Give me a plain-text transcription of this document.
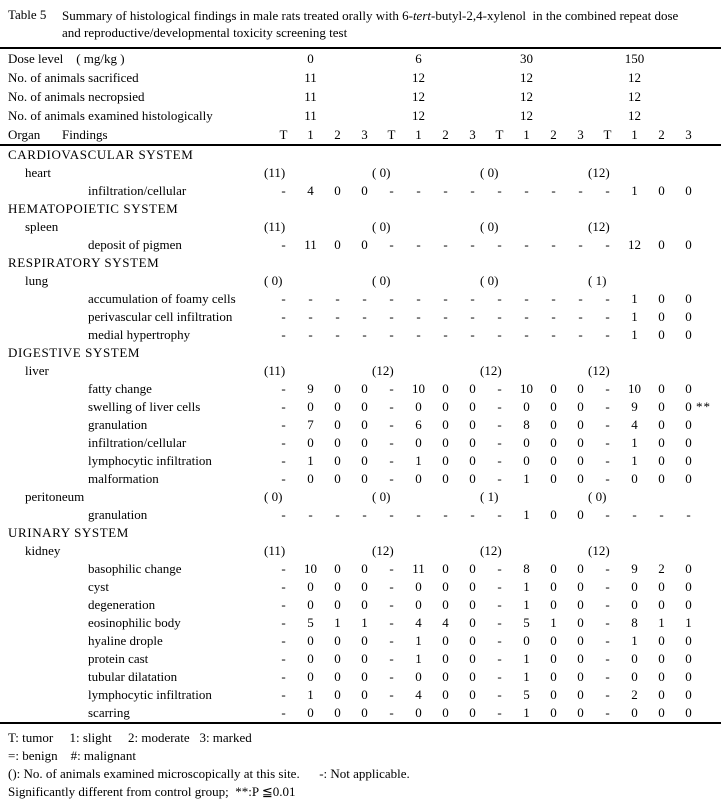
Table 5	Summary of histological findings in male rats treated orally with 6-tert-butyl-2,4-xylenol  in the combined repeat dose
and reproductive/developmental toxicity screening test
Dose level    ( mg/kg )	0	6	30	150
No. of animals sacrificed	11	12	12	12
No. of animals necropsied	11	12	12	12
No. of animals examined histologically	11	12	12	12
Organ Findings	T	1	2	3	T	1	2	3	T	1	2	3	T	1	2	3
CARDIOVASCULAR SYSTEM
heart	(11)	( 0)	( 0)	(12)
infiltration/cellular	-	4	0	0	-	-	-	-	-	-	-	-	-	1	0	0
HEMATOPOIETIC SYSTEM
spleen	(11)	( 0)	( 0)	(12)
deposit of pigmen	-	11	0	0	-	-	-	-	-	-	-	-	-	12	0	0
RESPIRATORY SYSTEM
lung	( 0)	( 0)	( 0)	( 1)
accumulation of foamy cells	-	-	-	-	-	-	-	-	-	-	-	-	-	1	0	0
perivascular cell infiltration	-	-	-	-	-	-	-	-	-	-	-	-	-	1	0	0
medial hypertrophy	-	-	-	-	-	-	-	-	-	-	-	-	-	1	0	0
DIGESTIVE SYSTEM
liver	(11)	(12)	(12)	(12)
fatty change	-	9	0	0	-	10	0	0	-	10	0	0	-	10	0	0
swelling of liver cells	-	0	0	0	-	0	0	0	-	0	0	0	-	9	0	0 **
granulation	-	7	0	0	-	6	0	0	-	8	0	0	-	4	0	0
infiltration/cellular	-	0	0	0	-	0	0	0	-	0	0	0	-	1	0	0
lymphocytic infiltration	-	1	0	0	-	1	0	0	-	0	0	0	-	1	0	0
malformation	-	0	0	0	-	0	0	0	-	1	0	0	-	0	0	0
peritoneum	( 0)	( 0)	( 1)	( 0)
granulation	-	-	-	-	-	-	-	-	-	1	0	0	-	-	-	-
URINARY SYSTEM
kidney	(11)	(12)	(12)	(12)
basophilic change	-	10	0	0	-	11	0	0	-	8	0	0	-	9	2	0
cyst	-	0	0	0	-	0	0	0	-	1	0	0	-	0	0	0
degeneration	-	0	0	0	-	0	0	0	-	1	0	0	-	0	0	0
eosinophilic body	-	5	1	1	-	4	4	0	-	5	1	0	-	8	1	1
hyaline drople	-	0	0	0	-	1	0	0	-	0	0	0	-	1	0	0
protein cast	-	0	0	0	-	1	0	0	-	1	0	0	-	0	0	0
tubular dilatation	-	0	0	0	-	0	0	0	-	1	0	0	-	0	0	0
lymphocytic infiltration	-	1	0	0	-	4	0	0	-	5	0	0	-	2	0	0
scarring	-	0	0	0	-	0	0	0	-	1	0	0	-	0	0	0
T: tumor     1: slight     2: moderate   3: marked
=: benign    #: malignant
(): No. of animals examined microscopically at this site.      -: Not applicable.
Significantly different from control group;  **:P ≦0.01
